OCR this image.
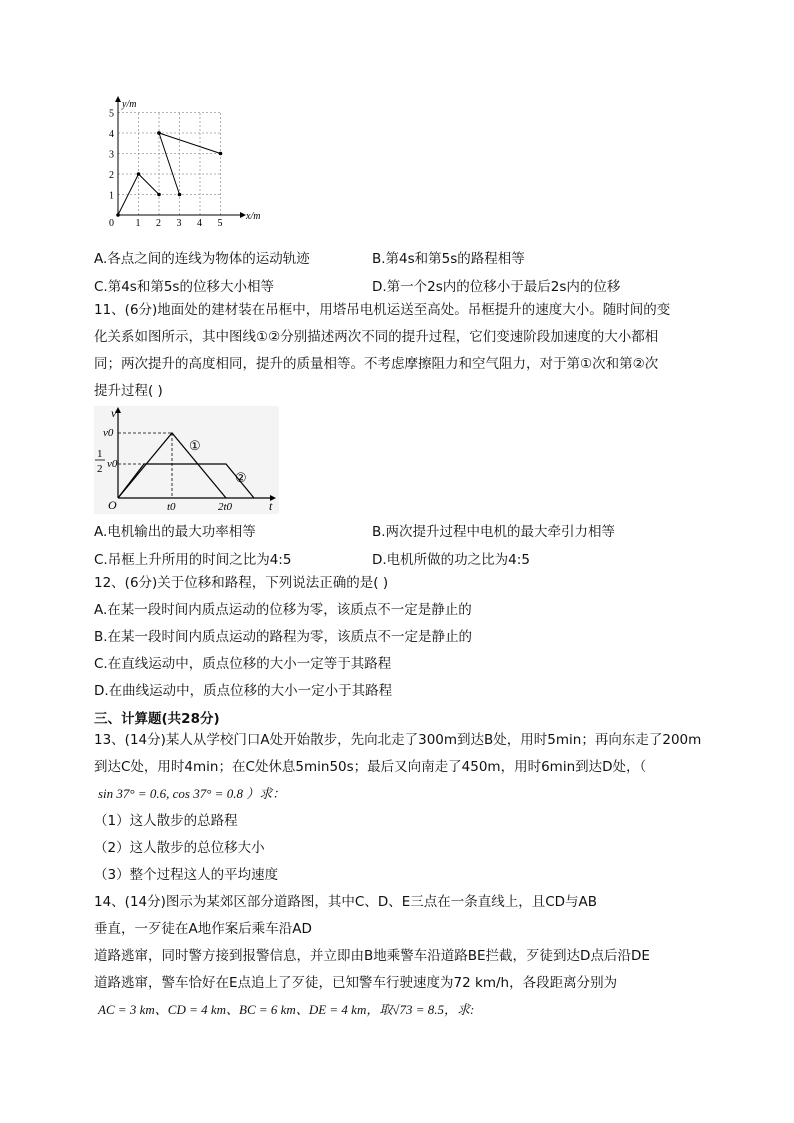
y/m
x/m
0
1
2
3
4
5
1 2 3 4 5
A.各点之间的连线为物体的运动轨迹	B.第4s和第5s的路程相等
C.第4s和第5s的位移大小相等	D.第一个2s内的位移小于最后2s内的位移
11、(6分)地面处的建材装在吊框中，用塔吊电机运送至高处。吊框提升的速度大小。随时间的变
化关系如图所示，其中图线①②分别描述两次不同的提升过程，它们变速阶段加速度的大小都相
同；两次提升的高度相同，提升的质量相等。不考虑摩擦阻力和空气阻力，对于第①次和第②次
提升过程( )
v
t
O
v0
1
2 v0
①
②
t0	2t0
A.电机输出的最大功率相等	B.两次提升过程中电机的最大牵引力相等
C.吊框上升所用的时间之比为4:5	D.电机所做的功之比为4:5
12、(6分)关于位移和路程，下列说法正确的是( )
A.在某一段时间内质点运动的位移为零，该质点不一定是静止的
B.在某一段时间内质点运动的路程为零，该质点不一定是静止的
C.在直线运动中，质点位移的大小一定等于其路程
D.在曲线运动中，质点位移的大小一定小于其路程
三、计算题(共28分)
13、(14分)某人从学校门口A处开始散步，先向北走了300m到达B处，用时5min；再向东走了200m
到达C处，用时4min；在C处休息5min50s；最后又向南走了450m，用时6min到达D处，（
sin 37° = 0.6, cos 37° = 0.8 ）求：
（1）这人散步的总路程
（2）这人散步的总位移大小
（3）整个过程这人的平均速度
14、(14分)图示为某郊区部分道路图，其中C、D、E三点在一条直线上，且CD与AB
垂直，一歹徒在A地作案后乘车沿AD
道路逃窜，同时警方接到报警信息，并立即由B地乘警车沿道路BE拦截，歹徒到达D点后沿DE
道路逃窜，警车恰好在E点追上了歹徒，已知警车行驶速度为72 km/h，各段距离分别为
AC = 3 km、CD = 4 km、BC = 6 km、DE = 4 km，取√73 = 8.5，求:
